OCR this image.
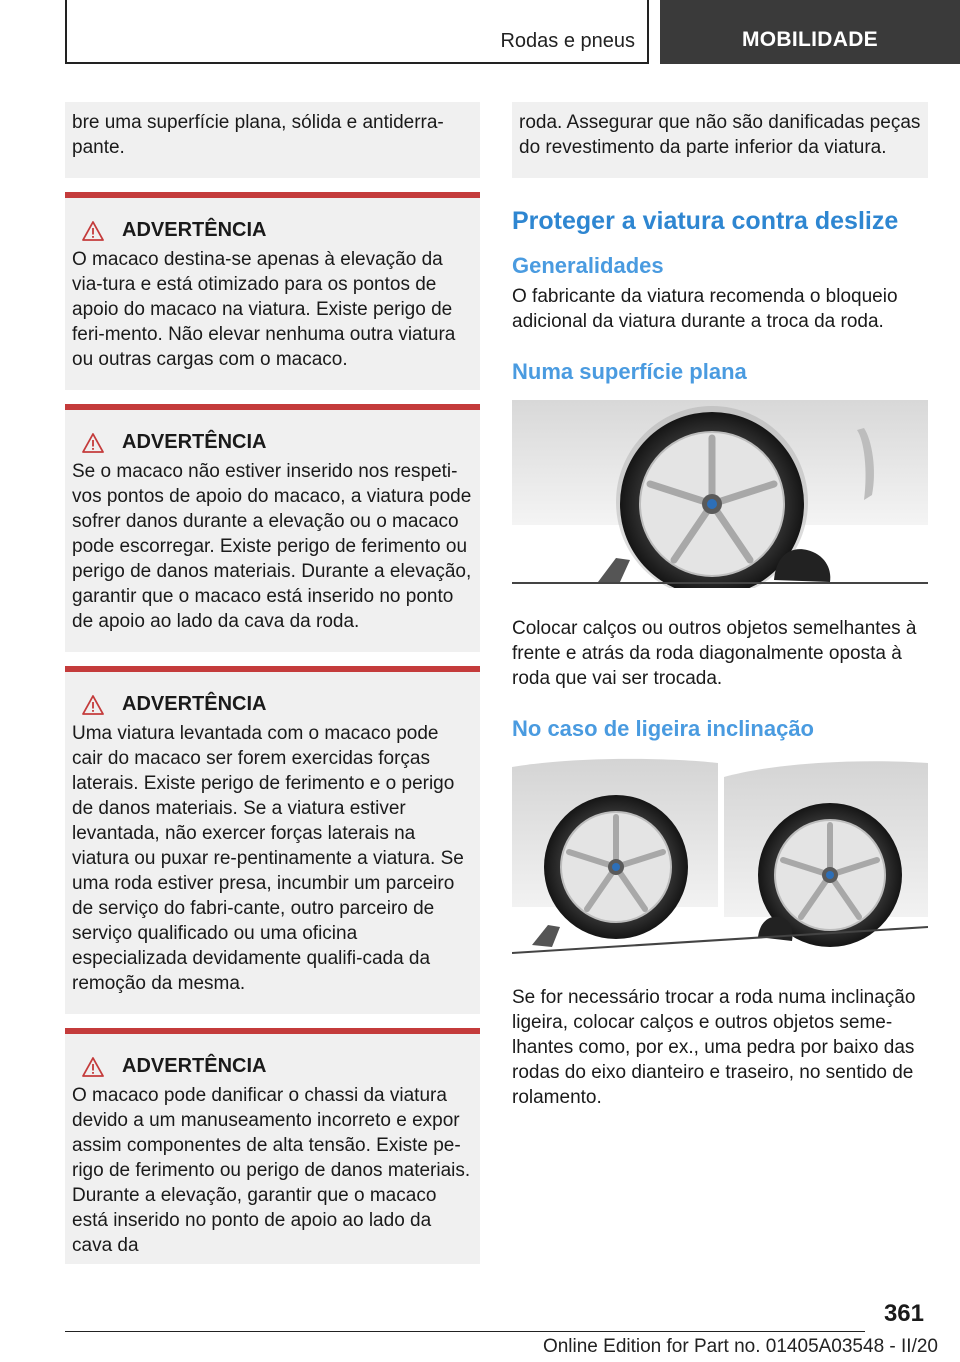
Rodas e pneus	MOBILIDADE
bre uma superfície plana, sólida e antiderra-pante.
ADVERTÊNCIA
O macaco destina-se apenas à elevação da via-tura e está otimizado para os pontos de apoio do macaco na viatura. Existe perigo de feri-mento. Não elevar nenhuma outra viatura ou outras cargas com o macaco.
ADVERTÊNCIA
Se o macaco não estiver inserido nos respeti-vos pontos de apoio do macaco, a viatura pode sofrer danos durante a elevação ou o macaco pode escorregar. Existe perigo de ferimento ou perigo de danos materiais. Durante a elevação, garantir que o macaco está inserido no ponto de apoio ao lado da cava da roda.
ADVERTÊNCIA
Uma viatura levantada com o macaco pode cair do macaco ser forem exercidas forças laterais. Existe perigo de ferimento e o perigo de danos materiais. Se a viatura estiver levantada, não exercer forças laterais na viatura ou puxar re-pentinamente a viatura. Se uma roda estiver presa, incumbir um parceiro de serviço do fabri-cante, outro parceiro de serviço qualificado ou uma oficina especializada devidamente qualifi-cada da remoção da mesma.
ADVERTÊNCIA
O macaco pode danificar o chassi da viatura devido a um manuseamento incorreto e expor assim componentes de alta tensão. Existe pe-rigo de ferimento ou perigo de danos materiais. Durante a elevação, garantir que o macaco está inserido no ponto de apoio ao lado da cava da
roda. Assegurar que não são danificadas peças do revestimento da parte inferior da viatura.
Proteger a viatura contra deslize
Generalidades
O fabricante da viatura recomenda o bloqueio adicional da viatura durante a troca da roda.
Numa superfície plana
Colocar calços ou outros objetos semelhantes à frente e atrás da roda diagonalmente oposta à roda que vai ser trocada.
No caso de ligeira inclinação
Se for necessário trocar a roda numa inclinação ligeira, colocar calços e outros objetos seme-lhantes como, por ex., uma pedra por baixo das rodas do eixo dianteiro e traseiro, no sentido de rolamento.
361
Online Edition for Part no. 01405A03548 - II/20
